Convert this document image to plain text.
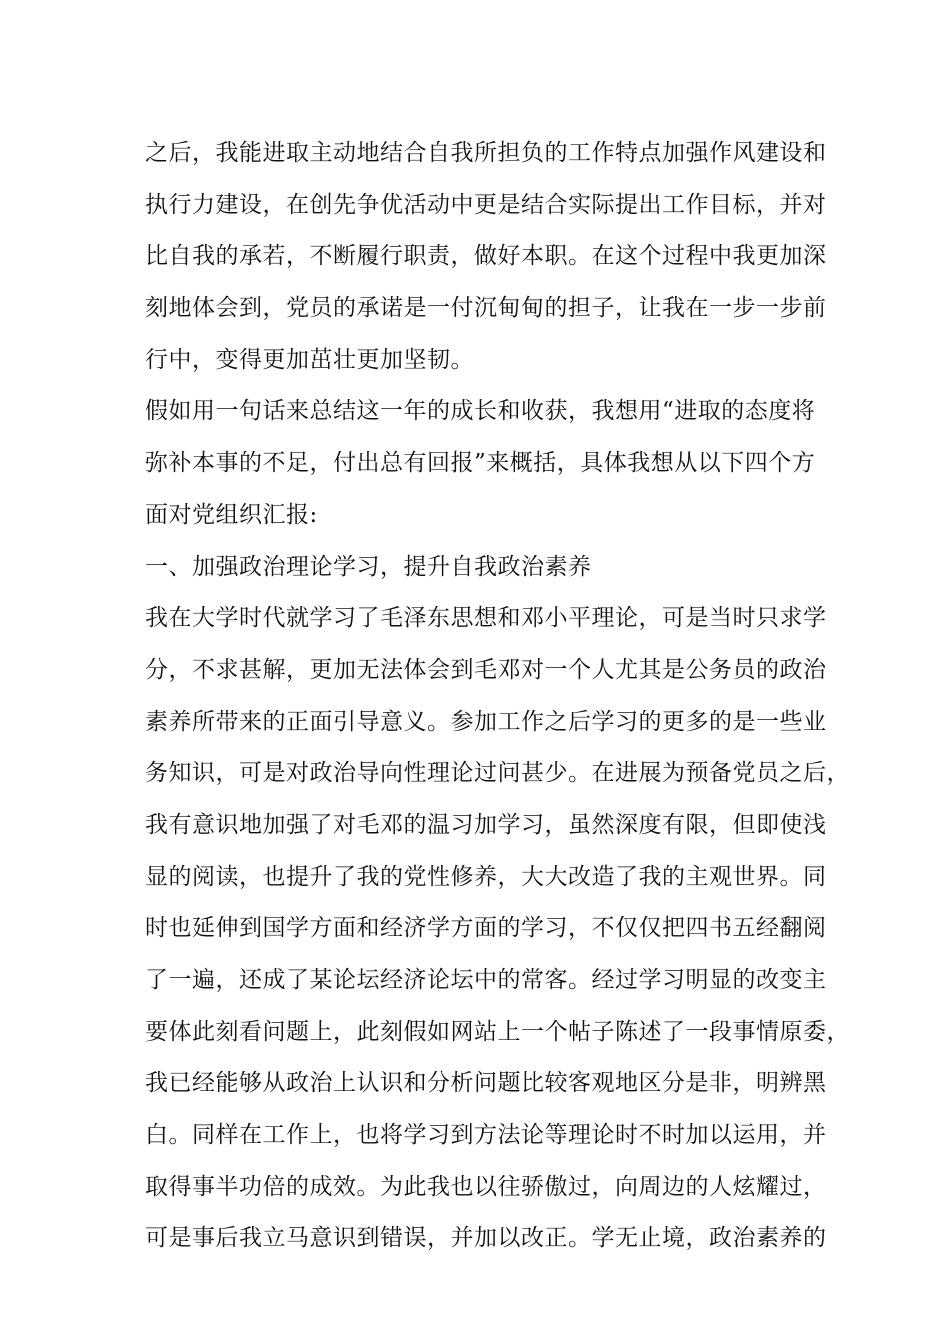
之后，我能进取主动地结合自我所担负的工作特点加强作风建设和
执行力建设，在创先争优活动中更是结合实际提出工作目标，并对
比自我的承若，不断履行职责，做好本职。在这个过程中我更加深
刻地体会到，党员的承诺是一付沉甸甸的担子，让我在一步一步前
行中，变得更加茁壮更加坚韧。
假如用一句话来总结这一年的成长和收获，我想用“进取的态度将
弥补本事的不足，付出总有回报”来概括，具体我想从以下四个方
面对党组织汇报:
一、加强政治理论学习，提升自我政治素养
我在大学时代就学习了毛泽东思想和邓小平理论，可是当时只求学
分，不求甚解，更加无法体会到毛邓对一个人尤其是公务员的政治
素养所带来的正面引导意义。参加工作之后学习的更多的是一些业
务知识，可是对政治导向性理论过问甚少。在进展为预备党员之后，
我有意识地加强了对毛邓的温习加学习，虽然深度有限，但即使浅
显的阅读，也提升了我的党性修养，大大改造了我的主观世界。同
时也延伸到国学方面和经济学方面的学习，不仅仅把四书五经翻阅
了一遍，还成了某论坛经济论坛中的常客。经过学习明显的改变主
要体此刻看问题上，此刻假如网站上一个帖子陈述了一段事情原委，
我已经能够从政治上认识和分析问题比较客观地区分是非，明辨黑
白。同样在工作上，也将学习到方法论等理论时不时加以运用，并
取得事半功倍的成效。为此我也以往骄傲过，向周边的人炫耀过，
可是事后我立马意识到错误，并加以改正。学无止境，政治素养的
